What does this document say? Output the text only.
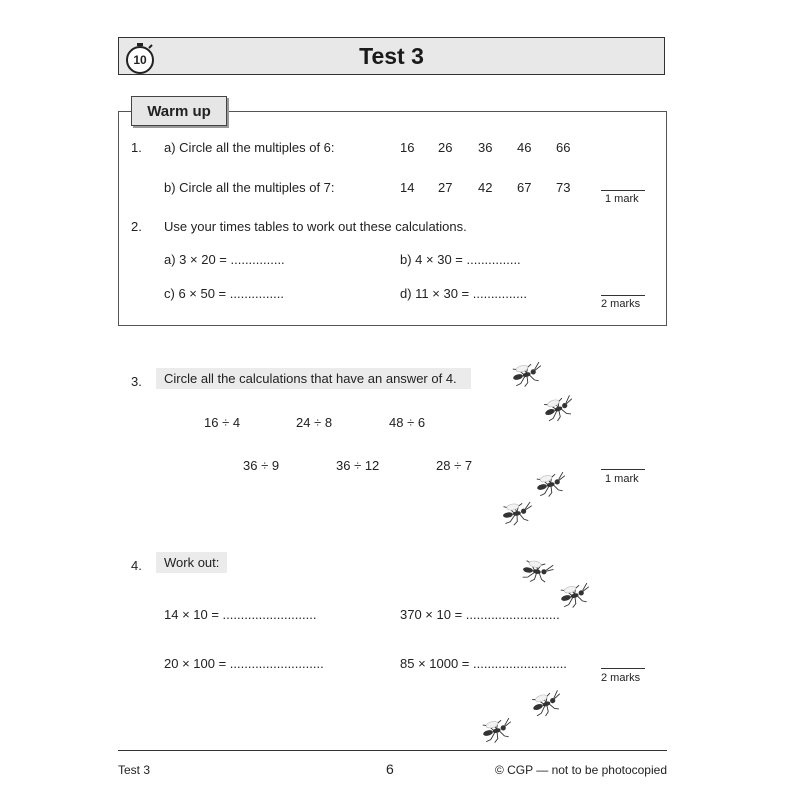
Test 3
10
Warm up
1. a) Circle all the multiples of 6:	16 26 36 46 66
b) Circle all the multiples of 7:	14 27 42 67 73
1 mark
2. Use your times tables to work out these calculations.
a) 3 × 20 = ...............	b) 4 × 30 = ...............
c) 6 × 50 = ...............	d) 11 × 30 = ...............
2 marks
3.	Circle all the calculations that have an answer of 4.
16 ÷ 4	24 ÷ 8	48 ÷ 6
36 ÷ 9	36 ÷ 12	28 ÷ 7
1 mark
4.	Work out:
14 × 10 = ..........................	370 × 10 = ..........................
20 × 100 = ..........................	85 × 1000 = ..........................
2 marks
Test 3	6	© CGP — not to be photocopied
